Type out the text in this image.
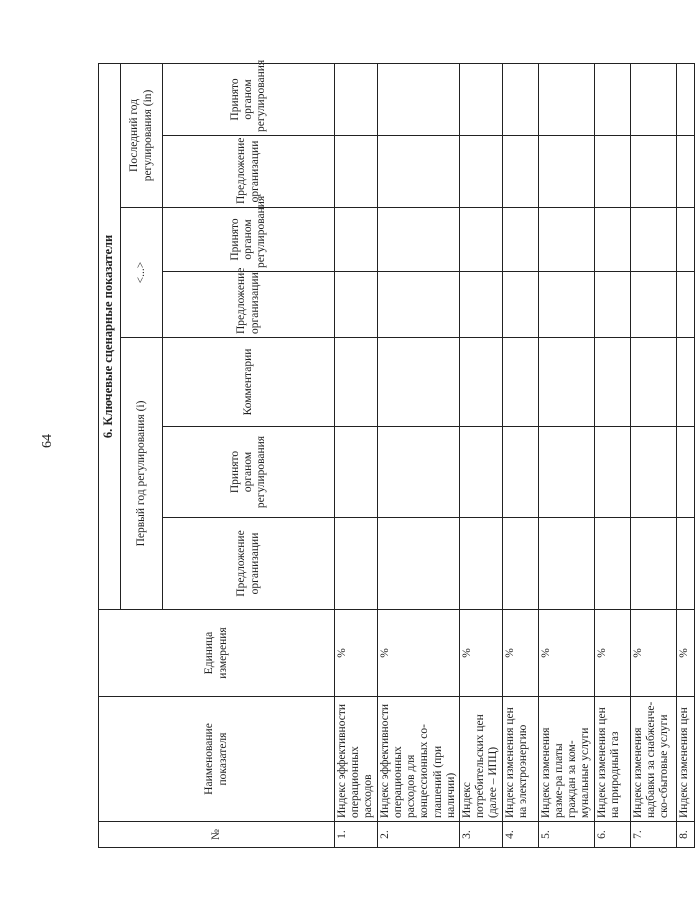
64
№	Наименование показателя	Единица измерения	6. Ключевые сценарные показатели						
			Первый год регулирования (i)			<...>		Последний год регулирования (in)	
			Предложение организации	Принято органом регулирования	Комментарии	Предложение организации	Принято органом регулирования	Предложение организации	Принято органом регулирования
1.	Индекс эффективности операционных расходов	%							
2.	Индекс эффективности операционных расходов для концессионных со-глашений (при наличии)	%							
3.	Индекс потребительских цен (далее – ИПЦ)	%							
4.	Индекс изменения цен на электроэнергию	%							
5.	Индекс изменения разме-ра платы граждан за ком-мунальные услуги	%							
6.	Индекс изменения цен на природный газ	%							
7.	Индекс изменения надбавки за снабженче-ско-сбытовые услуги	%							
8.	Индекс изменения цен	%							
